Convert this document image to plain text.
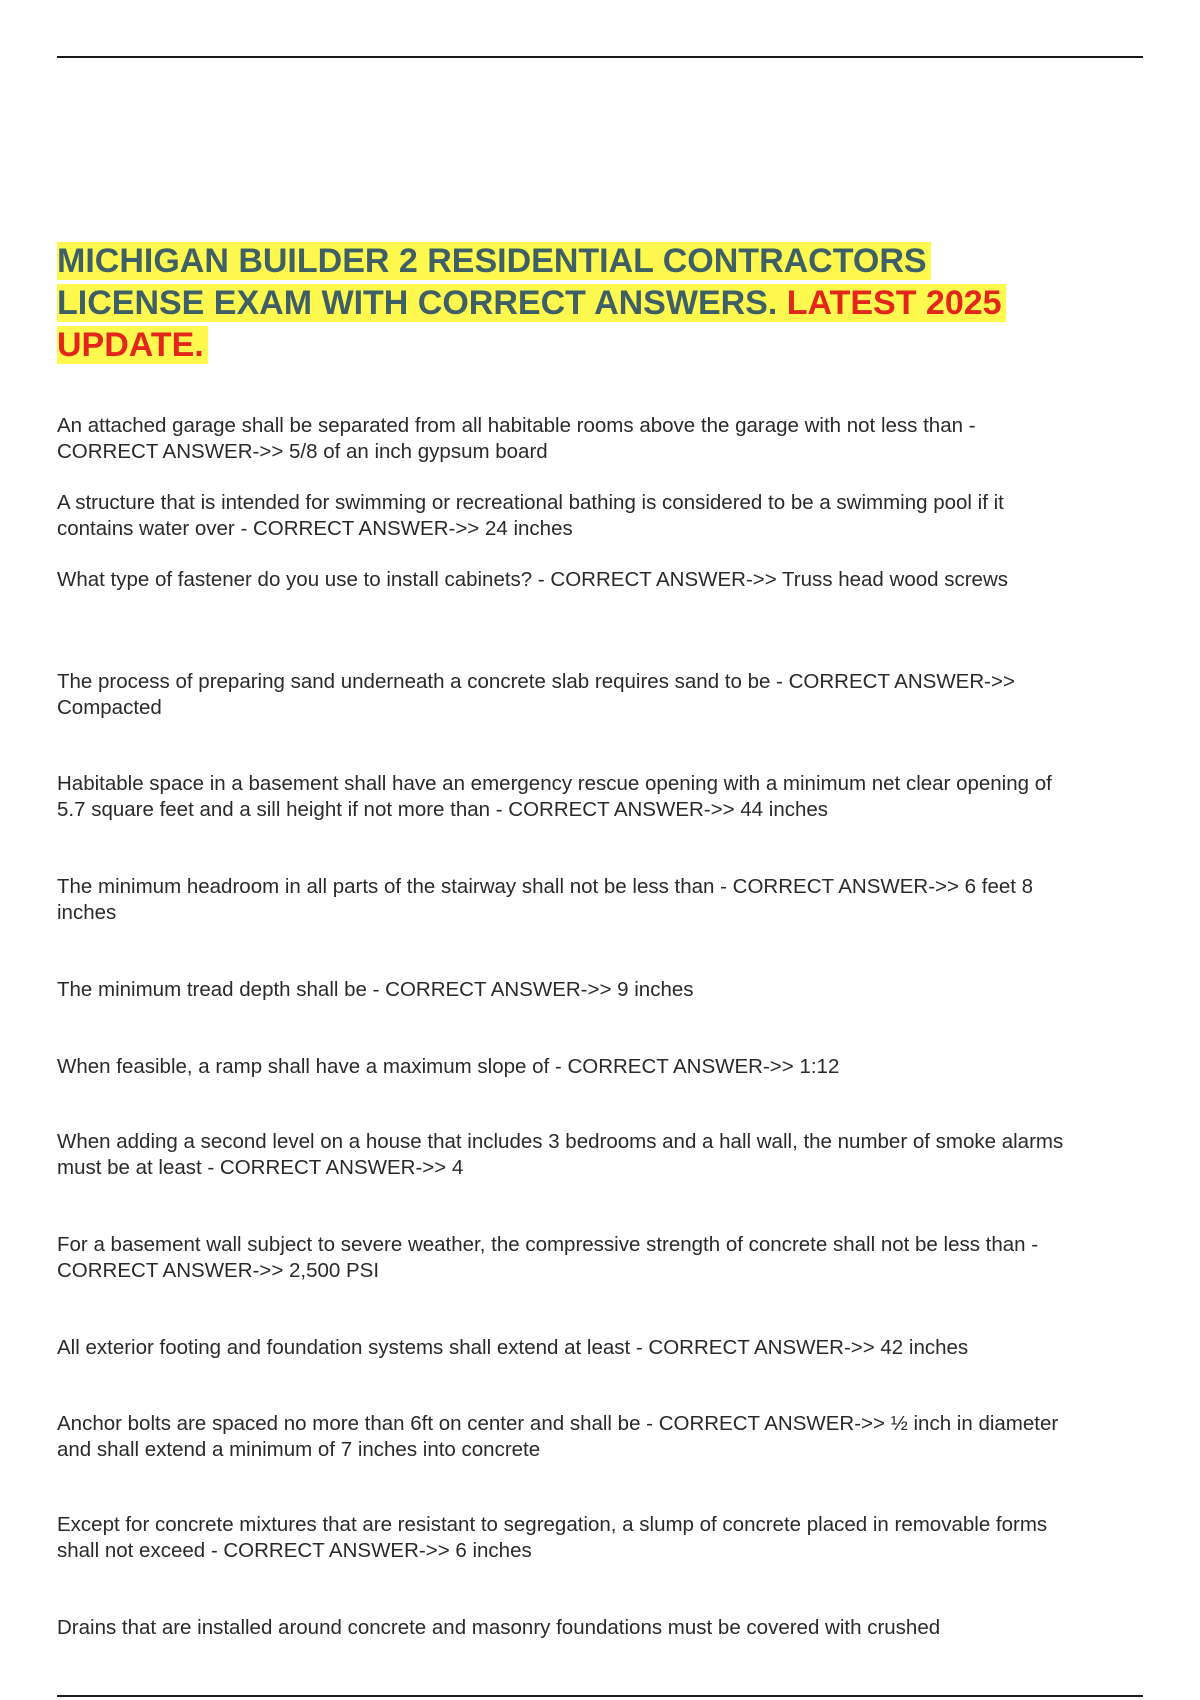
MICHIGAN BUILDER 2 RESIDENTIAL CONTRACTORS LICENSE EXAM WITH CORRECT ANSWERS. LATEST 2025 UPDATE.

An attached garage shall be separated from all habitable rooms above the garage with not less than - CORRECT ANSWER->> 5/8 of an inch gypsum board

A structure that is intended for swimming or recreational bathing is considered to be a swimming pool if it contains water over - CORRECT ANSWER->> 24 inches

What type of fastener do you use to install cabinets? - CORRECT ANSWER->> Truss head wood screws

The process of preparing sand underneath a concrete slab requires sand to be - CORRECT ANSWER->> Compacted

Habitable space in a basement shall have an emergency rescue opening with a minimum net clear opening of 5.7 square feet and a sill height if not more than - CORRECT ANSWER->> 44 inches

The minimum headroom in all parts of the stairway shall not be less than - CORRECT ANSWER->> 6 feet 8 inches

The minimum tread depth shall be - CORRECT ANSWER->> 9 inches

When feasible, a ramp shall have a maximum slope of - CORRECT ANSWER->> 1:12

When adding a second level on a house that includes 3 bedrooms and a hall wall, the number of smoke alarms must be at least - CORRECT ANSWER->> 4

For a basement wall subject to severe weather, the compressive strength of concrete shall not be less than - CORRECT ANSWER->> 2,500 PSI

All exterior footing and foundation systems shall extend at least - CORRECT ANSWER->> 42 inches

Anchor bolts are spaced no more than 6ft on center and shall be - CORRECT ANSWER->> ½ inch in diameter and shall extend a minimum of 7 inches into concrete

Except for concrete mixtures that are resistant to segregation, a slump of concrete placed in removable forms shall not exceed - CORRECT ANSWER->> 6 inches

Drains that are installed around concrete and masonry foundations must be covered with crushed
